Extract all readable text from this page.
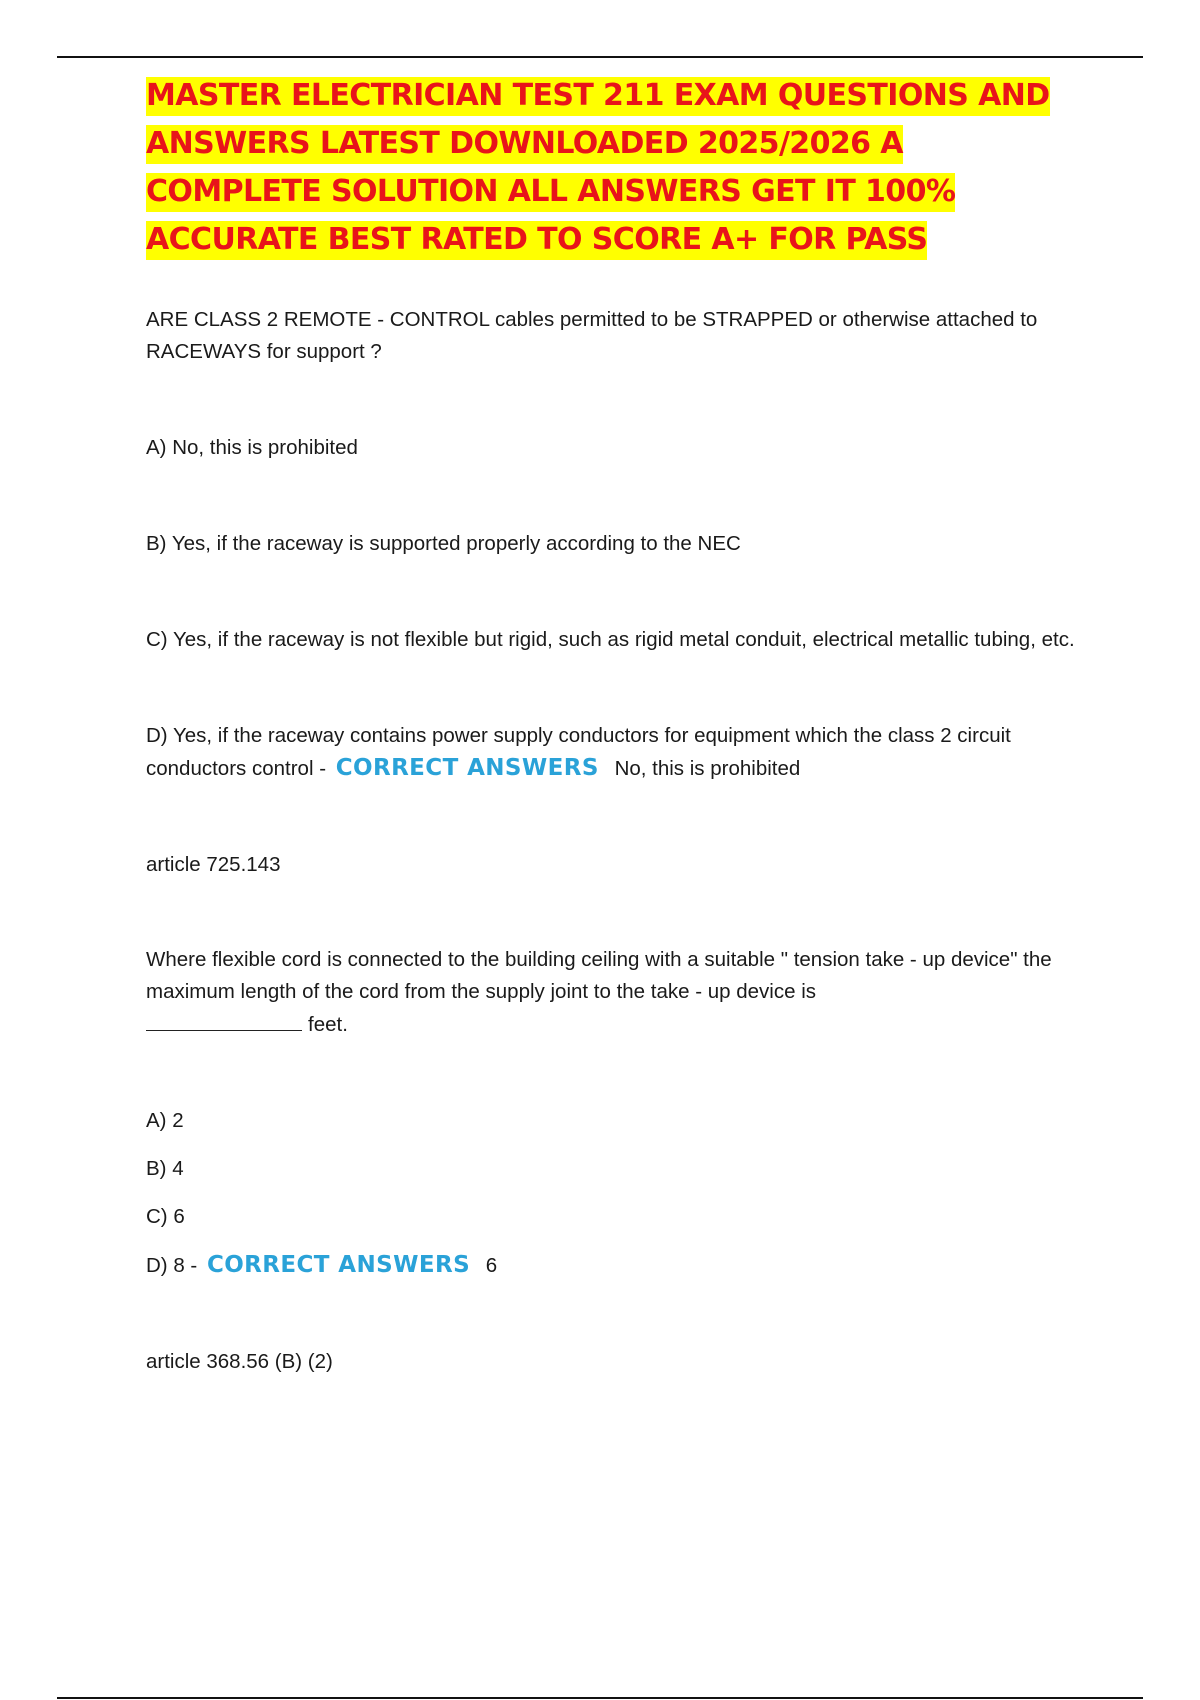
MASTER ELECTRICIAN TEST 211 EXAM QUESTIONS AND ANSWERS LATEST DOWNLOADED 2025/2026 A COMPLETE SOLUTION ALL ANSWERS GET IT 100% ACCURATE BEST RATED TO SCORE A+ FOR PASS

ARE CLASS 2 REMOTE - CONTROL cables permitted to be STRAPPED or otherwise attached to RACEWAYS for support ?

A) No, this is prohibited

B) Yes, if the raceway is supported properly according to the NEC

C) Yes, if the raceway is not flexible but rigid, such as rigid metal conduit, electrical metallic tubing, etc.

D) Yes, if the raceway contains power supply conductors for equipment which the class 2 circuit conductors control - CORRECT ANSWERS No, this is prohibited

article 725.143

Where flexible cord is connected to the building ceiling with a suitable " tension take - up device" the maximum length of the cord from the supply joint to the take - up device is
feet.

A) 2

B) 4

C) 6

D) 8 - CORRECT ANSWERS 6

article 368.56 (B) (2)
